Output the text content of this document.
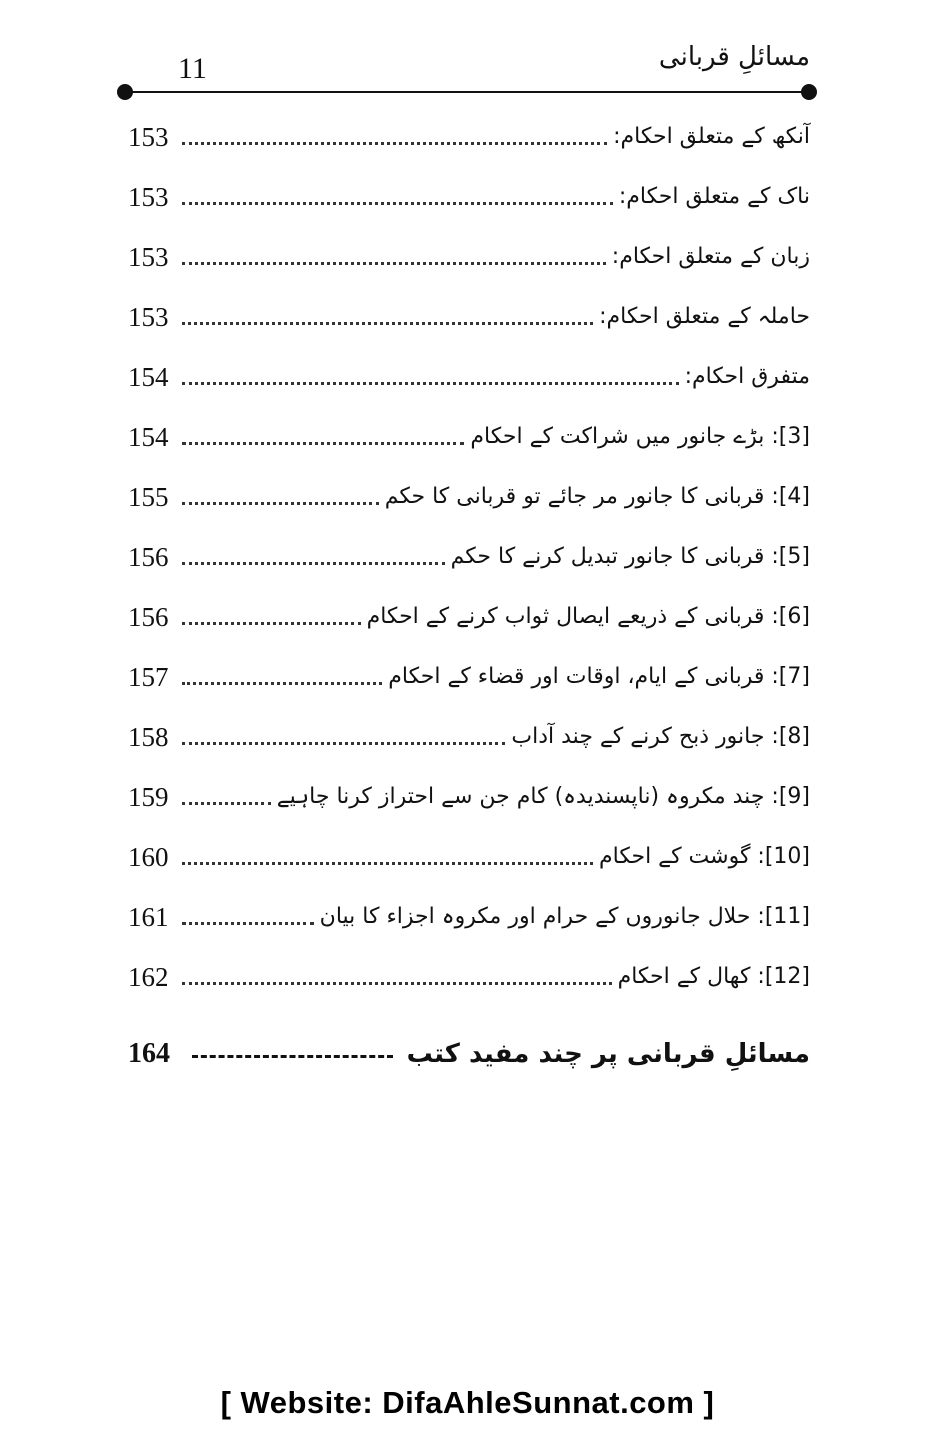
مسائلِ قربانی
11
153	آنکھ کے متعلق احکام:
153	ناک کے متعلق احکام:
153	زبان کے متعلق احکام:
153	حاملہ کے متعلق احکام:
154	متفرق احکام:
154	[3]: بڑے جانور میں شراکت کے احکام
155	[4]: قربانی کا جانور مر جائے تو قربانی کا حکم
156	[5]: قربانی کا جانور تبدیل کرنے کا حکم
156	[6]: قربانی کے ذریعے ایصال ثواب کرنے کے احکام
157	[7]: قربانی کے ایام، اوقات اور قضاء کے احکام
158	[8]: جانور ذبح کرنے کے چند آداب
159	[9]: چند مکروہ (ناپسندیدہ) کام جن سے احتراز کرنا چاہیے
160	[10]: گوشت کے احکام
161	[11]: حلال جانوروں کے حرام اور مکروہ اجزاء کا بیان
162	[12]: کھال کے احکام
164	مسائلِ قربانی پر چند مفید کتب
[ Website: DifaAhleSunnat.com ]
